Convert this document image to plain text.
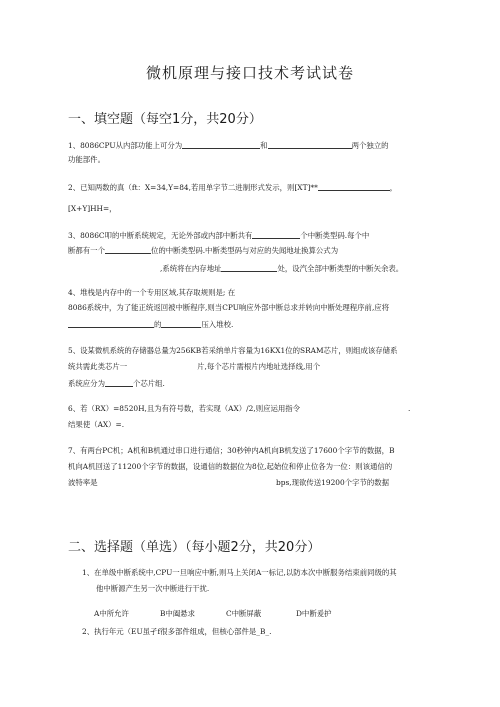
微机原理与接口技术考试试卷
一、填空题（每空1分，共20分）
1、8086CPU从内部功能上可分为	和	两个独立的
功能部件。
2、已知两数的真（ft：X=34,Y=84,若用单字节二进制形式发示，则[XT]**	，
[X+Y]HH=，
3、8086C叩的中断系统规定，无论外部或内部中断共有	个中断类型码.每个中
断都有一个	位的中断类型码.中断类型码与对应的失闻地址换算公式为
,系统将在内存地址	处，设汽全部中断类型的中断矢余表。
4、堆栈是内存中的一个专用区域,其存取规则是; 在
8086系统中，为了能正统返回被中断程序,则当CPU响应外部中断总求并转向中断处理程序前,应将
的	压入堆校.
5、设某微机系统的存储器总量为256KB若采纳单片容量为16KX1位的SRAM芯片，则组成该存储系
统共需此类芯片一	片,每个芯片需根片内地址选择线,用个
系统应分为	个芯片组.
6、若（RX）=8520H,且为有符号数，若实现（AX）/2,则应运用指令	.
结果使（AX）=.
7、有两台PC机；A机和B机通过串口进行通信；30秒钟内A机向B机发送了17600个字节的数据，B
机向A机回送了11200个字节的数据，设通信的数据位为8位,起始位和停止位各为一位：则该通信的
波特率是	bps,现欲传送19200个字节的数据
二、选择题（单选）（每小题2分，共20分）
1、在单级中断系统中,CPU一旦响应中断,则马上关闭A一标记,以防本次中断服务结束前同级的其
他中断源产生另一次中断进行干扰.
A中所允许	B中阖悬求	C中断屏蔽	D中断爰护
2、执行年元（EU虽孑f很多部件组成，但核心部件是_B_.
